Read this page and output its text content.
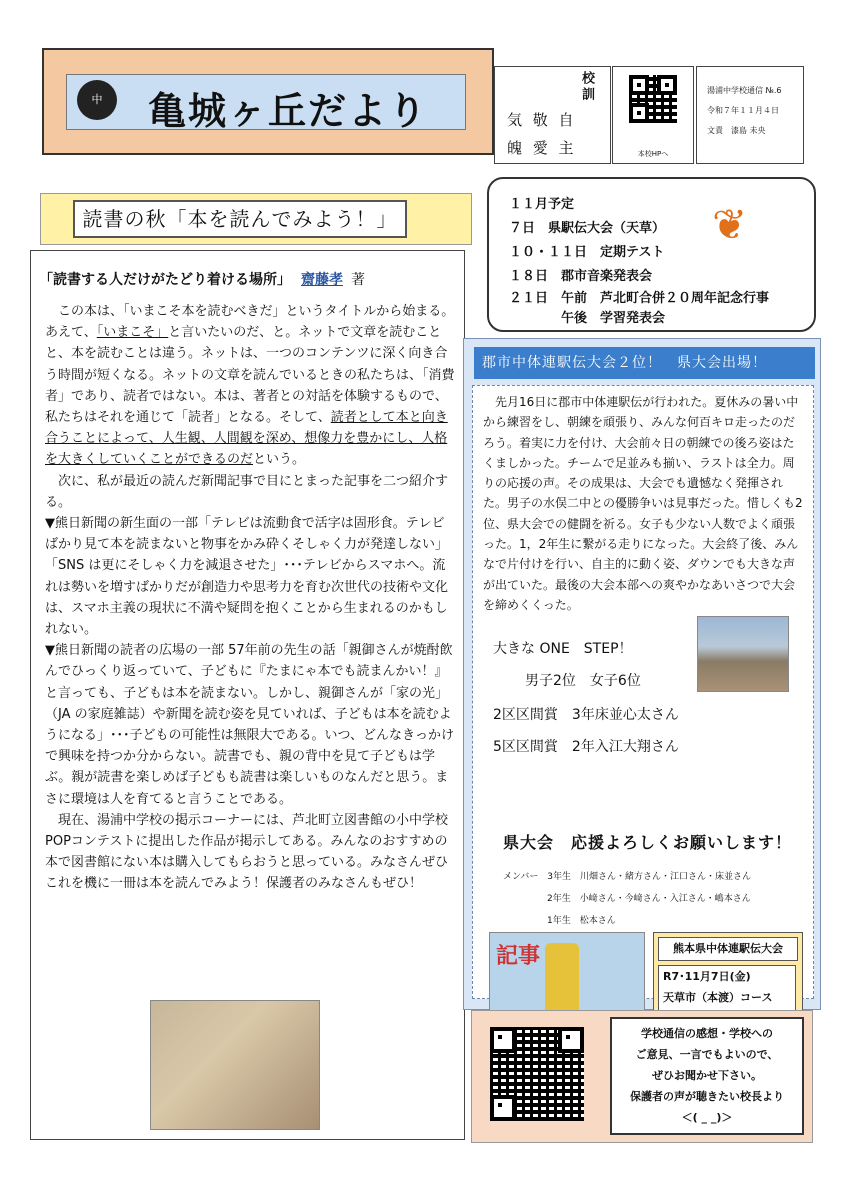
中	亀城ヶ丘だより
校訓
気 敬 自
魄 愛 主	本校HPへ
湯浦中学校通信 №.6
令和７年１１月４日
文責　漆島 未央
読書の秋「本を読んでみよう！」
「読書する人だけがたどり着ける場所」 齋藤孝 著

この本は、「いまこそ本を読むべきだ」というタイトルから始まる。あえて、「いまこそ」と言いたいのだ、と。ネットで文章を読むことと、本を読むことは違う。ネットは、一つのコンテンツに深く向き合う時間が短くなる。ネットの文章を読んでいるときの私たちは、「消費者」であり、読者ではない。本は、著者との対話を体験するもので、私たちはそれを通じて「読者」となる。そして、読者として本と向き合うことによって、人生観、人間観を深め、想像力を豊かにし、人格を大きくしていくことができるのだという。

次に、私が最近の読んだ新聞記事で目にとまった記事を二つ紹介する。

▼熊日新聞の新生面の一部「テレビは流動食で活字は固形食。テレビばかり見て本を読まないと物事をかみ砕くそしゃく力が発達しない」「SNS は更にそしゃく力を減退させた」･･･テレビからスマホへ。流れは勢いを増すばかりだが創造力や思考力を育む次世代の技術や文化は、スマホ主義の現状に不満や疑問を抱くことから生まれるのかもしれない。

▼熊日新聞の読者の広場の一部 57年前の先生の話「親御さんが焼酎飲んでひっくり返っていて、子どもに『たまにゃ本でも読まんかい！』と言っても、子どもは本を読まない。しかし、親御さんが「家の光」（JA の家庭雑誌）や新聞を読む姿を見ていれば、子どもは本を読むようになる」･･･子どもの可能性は無限大である。いつ、どんなきっかけで興味を持つか分からない。読書でも、親の背中を見て子どもは学ぶ。親が読書を楽しめば子どもも読書は楽しいものなんだと思う。まさに環境は人を育てると言うことである。

現在、湯浦中学校の掲示コーナーには、芦北町立図書館の小中学校POPコンテストに提出した作品が掲示してある。みんなのおすすめの本で図書館にない本は購入してもらおうと思っている。みなさんぜひこれを機に一冊は本を読んでみよう！保護者のみなさんもぜひ！

１１月予定
７日　県駅伝大会（天草）
１０・１１日　定期テスト
１８日　郡市音楽発表会
２１日　午前　芦北町合併２０周年記念行事
　　　　午後　学習発表会
❦
郡市中体連駅伝大会２位！　県大会出場！

先月16日に郡市中体連駅伝が行われた。夏休みの暑い中から練習をし、朝練を頑張り、みんな何百キロ走ったのだろう。着実に力を付け、大会前々日の朝練での後ろ姿はたくましかった。チームで足並みも揃い、ラストは全力。周りの応援の声。その成果は、大会でも遺憾なく発揮された。男子の水俣二中との優勝争いは見事だった。惜しくも2位、県大会での健闘を祈る。女子も少ない人数でよく頑張った。1，2年生に繋がる走りになった。大会終了後、みんなで片付けを行い、自主的に動く姿、ダウンでも大きな声が出ていた。最後の大会本部への爽やかなあいさつで大会を締めくくった。

大きな ONE　STEP！
男子2位　女子6位
2区区間賞　3年床並心太さん
5区区間賞　2年入江大翔さん
県大会　応援よろしくお願いします！
メンバー 3年生　川畑さん・緒方さん・江口さん・床並さん
2年生　小﨑さん・今﨑さん・入江さん・嶋本さん
1年生　松本さん
記事	熊本県中体連駅伝大会
R7･11月7日(金)
天草市（本渡）コース
学校通信の感想・学校への
ご意見、一言でもよいので、
ぜひお聞かせ下さい。
保護者の声が聴きたい校長より
＜( _ _)＞
